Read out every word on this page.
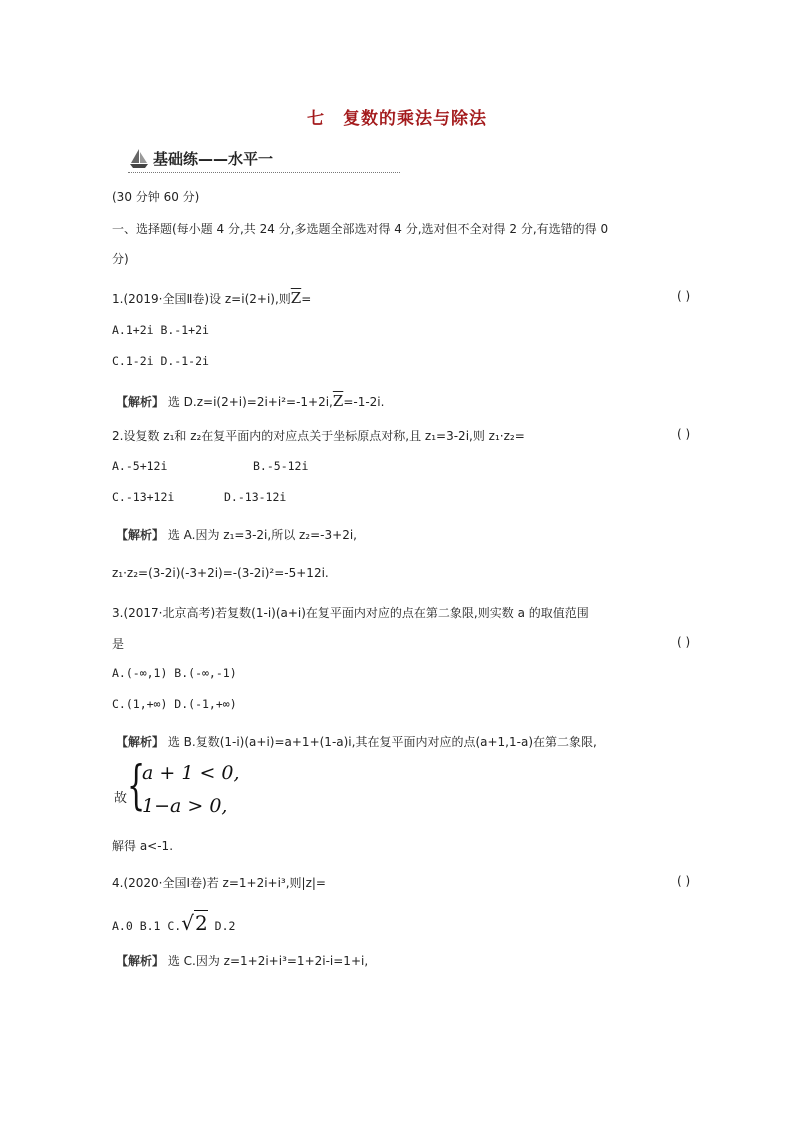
七 复数的乘法与除法
基础练——水平一
(30 分钟 60 分)
一、选择题(每小题 4 分,共 24 分,多选题全部选对得 4 分,选对但不全对得 2 分,有选错的得 0
分)
1.(2019·全国Ⅱ卷)设 z=i(2+i),则$\overline{Z}=$	( )
A.1+2i B.-1+2i
C.1-2i D.-1-2i
【解析】 选 $D.z=i(2+i)=2i+i^2=-1+2i,\overline{Z}=-1-2i$.
2.设复数 z₁和 z₂在复平面内的对应点关于坐标原点对称,且 z₁=3-2i,则 z₁·z₂=	( )
A.-5+12i	B.-5-12i
C.-13+12i	D.-13-12i
【解析】 选 A.因为 z₁=3-2i,所以 z₂=-3+2i,
z₁·z₂=(3-2i)(-3+2i)=-(3-2i)²=-5+12i.
3.(2017·北京高考)若复数(1-i)(a+i)在复平面内对应的点在第二象限,则实数 a 的取值范围
是	( )
A.(-∞,1) B.(-∞,-1)
C.(1,+∞) D.(-1,+∞)
【解析】 选 B.复数(1-i)(a+i)=a+1+(1-a)i,其在复平面内对应的点(a+1,1-a)在第二象限,
故 {
a + 1 < 0,
1−a > 0,
解得 a<-1.
4.(2020·全国Ⅰ卷)若 z=1+2i+i³,则|z|=	( )
A.0 B.1 C.√2 D.2
【解析】 选 C.因为 z=1+2i+i³=1+2i-i=1+i,
